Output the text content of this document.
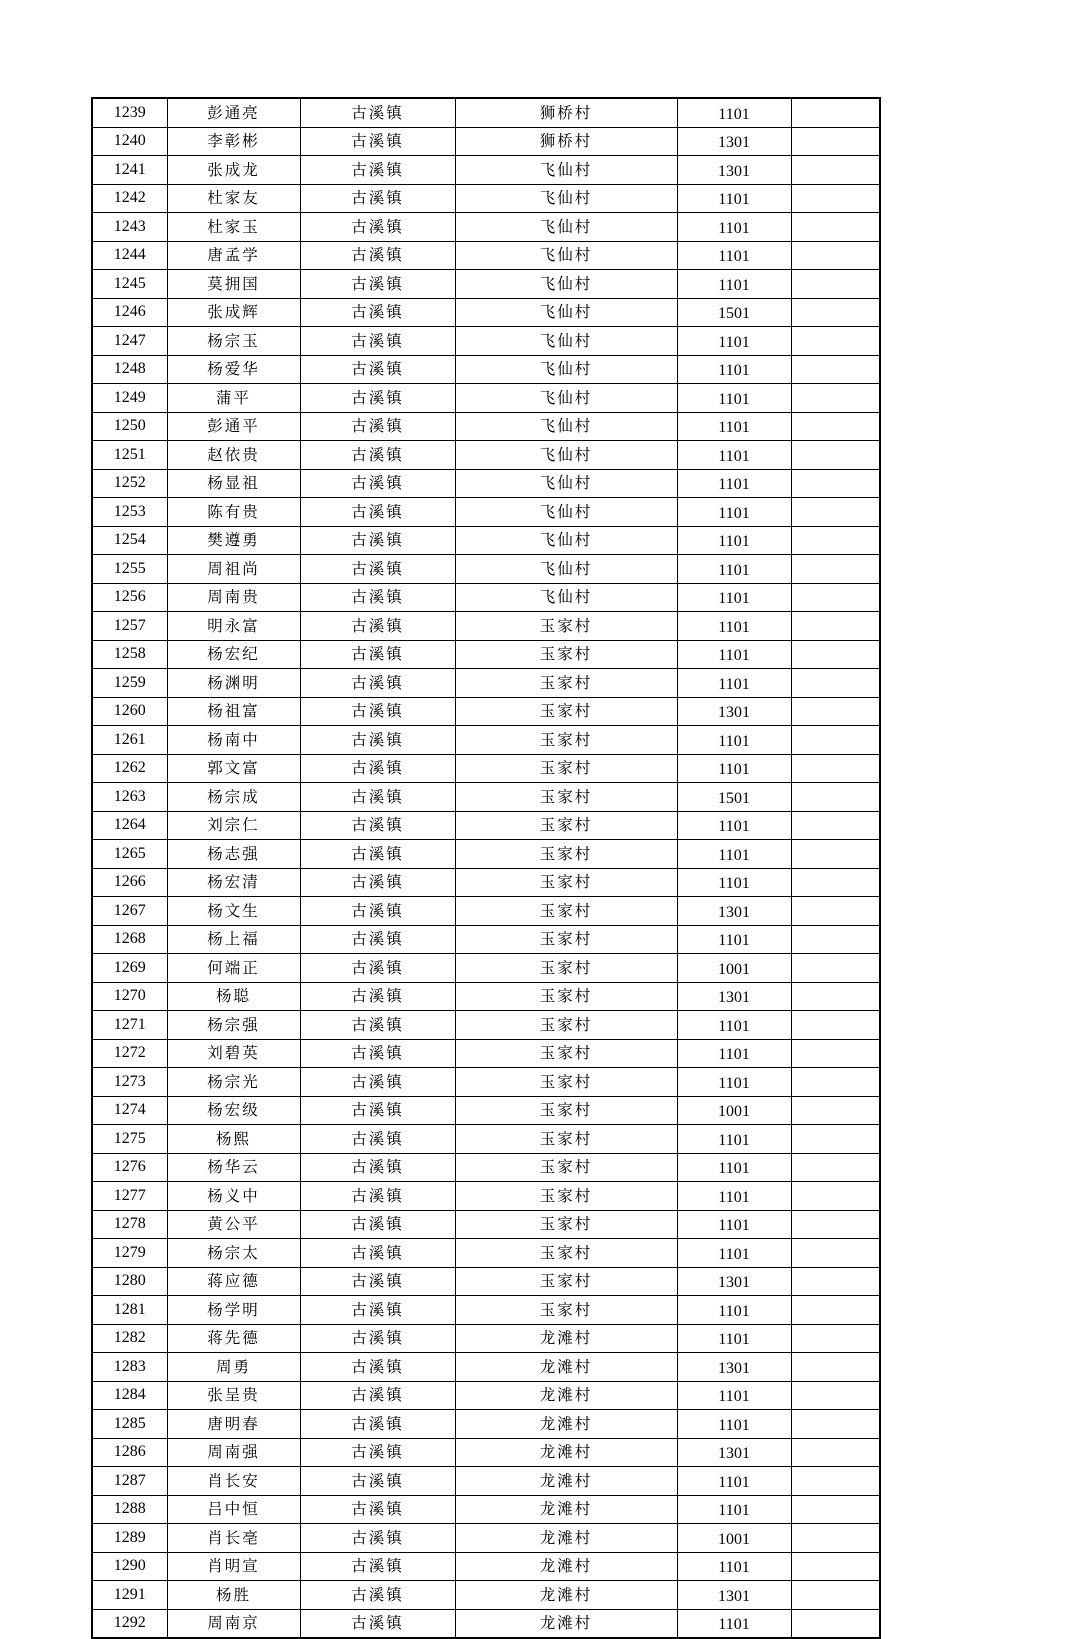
1239	彭通亮	古溪镇	狮桥村	1101	
1240	李彰彬	古溪镇	狮桥村	1301	
1241	张成龙	古溪镇	飞仙村	1301	
1242	杜家友	古溪镇	飞仙村	1101	
1243	杜家玉	古溪镇	飞仙村	1101	
1244	唐孟学	古溪镇	飞仙村	1101	
1245	莫拥国	古溪镇	飞仙村	1101	
1246	张成辉	古溪镇	飞仙村	1501	
1247	杨宗玉	古溪镇	飞仙村	1101	
1248	杨爱华	古溪镇	飞仙村	1101	
1249	蒲平	古溪镇	飞仙村	1101	
1250	彭通平	古溪镇	飞仙村	1101	
1251	赵依贵	古溪镇	飞仙村	1101	
1252	杨显祖	古溪镇	飞仙村	1101	
1253	陈有贵	古溪镇	飞仙村	1101	
1254	樊遵勇	古溪镇	飞仙村	1101	
1255	周祖尚	古溪镇	飞仙村	1101	
1256	周南贵	古溪镇	飞仙村	1101	
1257	明永富	古溪镇	玉家村	1101	
1258	杨宏纪	古溪镇	玉家村	1101	
1259	杨渊明	古溪镇	玉家村	1101	
1260	杨祖富	古溪镇	玉家村	1301	
1261	杨南中	古溪镇	玉家村	1101	
1262	郭文富	古溪镇	玉家村	1101	
1263	杨宗成	古溪镇	玉家村	1501	
1264	刘宗仁	古溪镇	玉家村	1101	
1265	杨志强	古溪镇	玉家村	1101	
1266	杨宏清	古溪镇	玉家村	1101	
1267	杨文生	古溪镇	玉家村	1301	
1268	杨上福	古溪镇	玉家村	1101	
1269	何端正	古溪镇	玉家村	1001	
1270	杨聪	古溪镇	玉家村	1301	
1271	杨宗强	古溪镇	玉家村	1101	
1272	刘碧英	古溪镇	玉家村	1101	
1273	杨宗光	古溪镇	玉家村	1101	
1274	杨宏级	古溪镇	玉家村	1001	
1275	杨熙	古溪镇	玉家村	1101	
1276	杨华云	古溪镇	玉家村	1101	
1277	杨义中	古溪镇	玉家村	1101	
1278	黄公平	古溪镇	玉家村	1101	
1279	杨宗太	古溪镇	玉家村	1101	
1280	蒋应德	古溪镇	玉家村	1301	
1281	杨学明	古溪镇	玉家村	1101	
1282	蒋先德	古溪镇	龙滩村	1101	
1283	周勇	古溪镇	龙滩村	1301	
1284	张呈贵	古溪镇	龙滩村	1101	
1285	唐明春	古溪镇	龙滩村	1101	
1286	周南强	古溪镇	龙滩村	1301	
1287	肖长安	古溪镇	龙滩村	1101	
1288	吕中恒	古溪镇	龙滩村	1101	
1289	肖长亳	古溪镇	龙滩村	1001	
1290	肖明宣	古溪镇	龙滩村	1101	
1291	杨胜	古溪镇	龙滩村	1301	
1292	周南京	古溪镇	龙滩村	1101	
